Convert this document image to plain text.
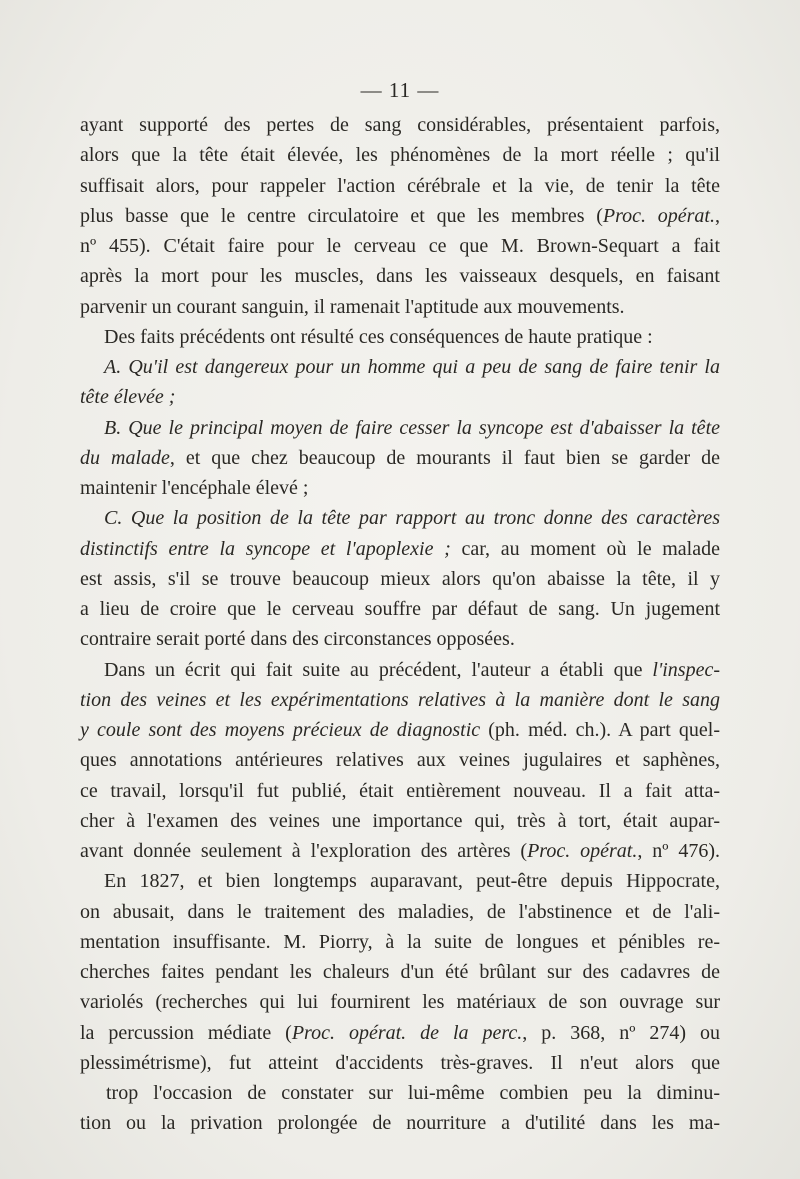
— 11 —
ayant supporté des pertes de sang considérables, présentaient parfois,
alors que la tête était élevée, les phénomènes de la mort réelle ; qu'il
suffisait alors, pour rappeler l'action cérébrale et la vie, de tenir la tête
plus basse que le centre circulatoire et que les membres (Proc. opérat.,
nº 455). C'était faire pour le cerveau ce que M. Brown-Sequart a fait
après la mort pour les muscles, dans les vaisseaux desquels, en faisant
parvenir un courant sanguin, il ramenait l'aptitude aux mouvements.
Des faits précédents ont résulté ces conséquences de haute pratique :
A. Qu'il est dangereux pour un homme qui a peu de sang de faire tenir la
tête élevée ;
B. Que le principal moyen de faire cesser la syncope est d'abaisser la tête
du malade, et que chez beaucoup de mourants il faut bien se garder de
maintenir l'encéphale élevé ;
C. Que la position de la tête par rapport au tronc donne des caractères
distinctifs entre la syncope et l'apoplexie ; car, au moment où le malade
est assis, s'il se trouve beaucoup mieux alors qu'on abaisse la tête, il y
a lieu de croire que le cerveau souffre par défaut de sang. Un jugement
contraire serait porté dans des circonstances opposées.
Dans un écrit qui fait suite au précédent, l'auteur a établi que l'inspec-
tion des veines et les expérimentations relatives à la manière dont le sang
y coule sont des moyens précieux de diagnostic (ph. méd. ch.). A part quel-
ques annotations antérieures relatives aux veines jugulaires et saphènes,
ce travail, lorsqu'il fut publié, était entièrement nouveau. Il a fait atta-
cher à l'examen des veines une importance qui, très à tort, était aupar-
avant donnée seulement à l'exploration des artères (Proc. opérat., nº 476).
En 1827, et bien longtemps auparavant, peut-être depuis Hippocrate,
on abusait, dans le traitement des maladies, de l'abstinence et de l'ali-
mentation insuffisante. M. Piorry, à la suite de longues et pénibles re-
cherches faites pendant les chaleurs d'un été brûlant sur des cadavres de
variolés (recherches qui lui fournirent les matériaux de son ouvrage sur
la percussion médiate (Proc. opérat. de la perc., p. 368, nº 274) ou
plessimétrisme), fut atteint d'accidents très-graves. Il n'eut alors que
trop l'occasion de constater sur lui-même combien peu la diminu-
tion ou la privation prolongée de nourriture a d'utilité dans les ma-
